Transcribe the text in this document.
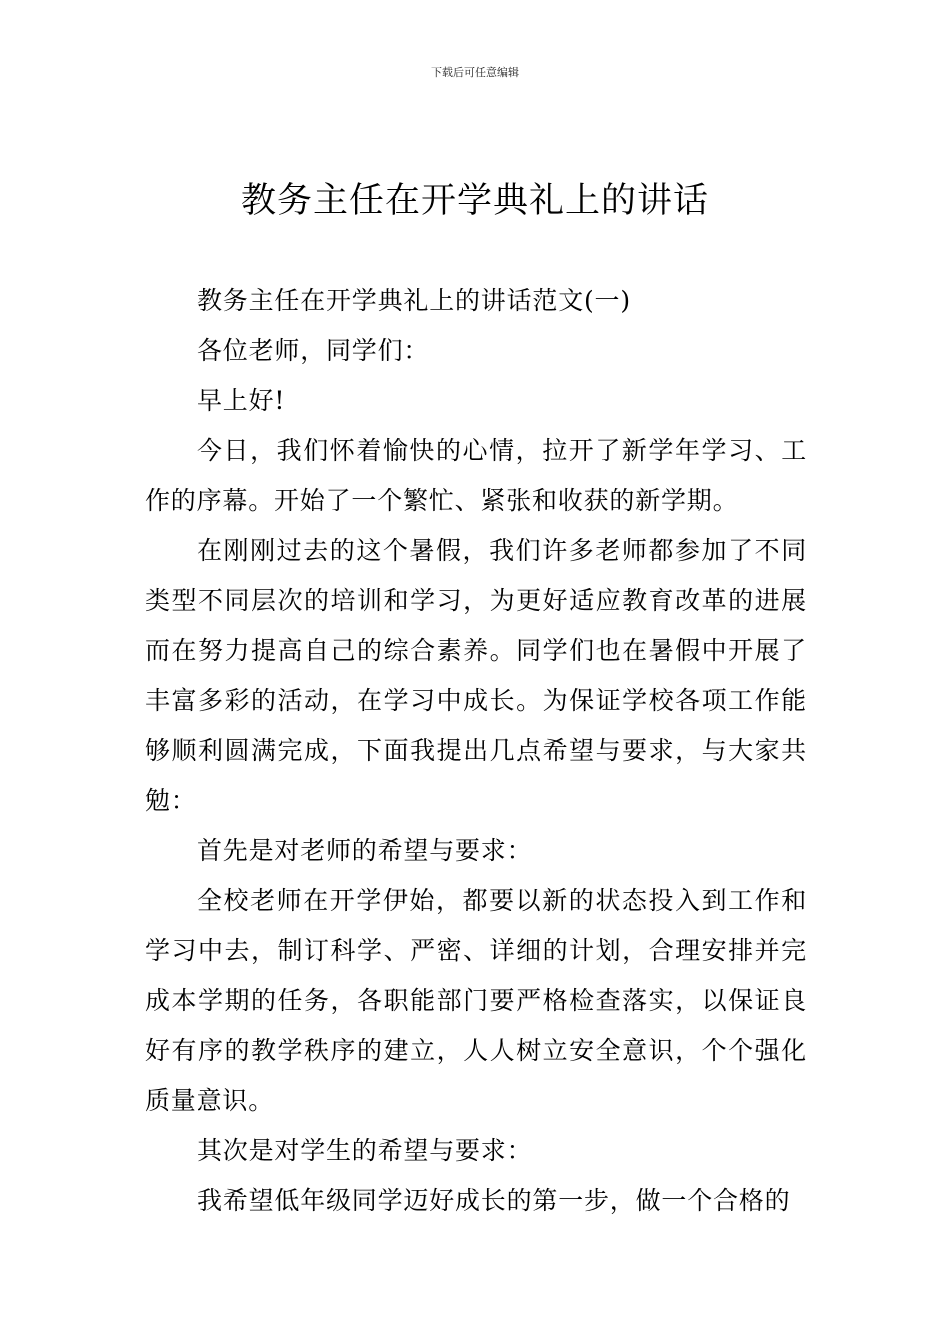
下载后可任意编辑
教务主任在开学典礼上的讲话

教务主任在开学典礼上的讲话范文(一)

各位老师，同学们：

早上好!

今日，我们怀着愉快的心情，拉开了新学年学习、工作的序幕。开始了一个繁忙、紧张和收获的新学期。

在刚刚过去的这个暑假，我们许多老师都参加了不同类型不同层次的培训和学习，为更好适应教育改革的进展而在努力提高自己的综合素养。同学们也在暑假中开展了丰富多彩的活动，在学习中成长。为保证学校各项工作能够顺利圆满完成，下面我提出几点希望与要求，与大家共勉：

首先是对老师的希望与要求：

全校老师在开学伊始，都要以新的状态投入到工作和学习中去，制订科学、严密、详细的计划，合理安排并完成本学期的任务，各职能部门要严格检查落实，以保证良好有序的教学秩序的建立，人人树立安全意识，个个强化质量意识。

其次是对学生的希望与要求：

我希望低年级同学迈好成长的第一步，做一个合格的
